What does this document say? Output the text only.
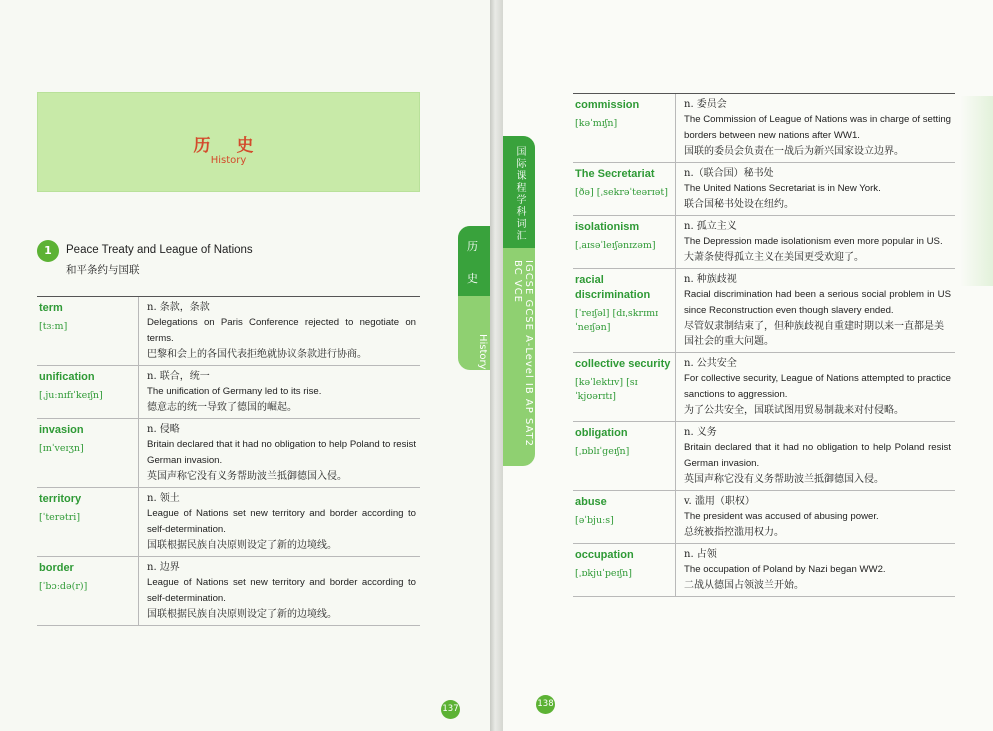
历 史
History
1	Peace Treaty and League of Nations
和平条约与国联
term
[tɜːm]
n. 条款，条款
Delegations on Paris Conference rejected to negotiate on terms.
巴黎和会上的各国代表拒绝就协议条款进行协商。
unification
[ˌjuːnɪfɪˈkeɪʃn]
n. 联合，统一
The unification of Germany led to its rise.
德意志的统一导致了德国的崛起。
invasion
[ɪnˈveɪʒn]
n. 侵略
Britain declared that it had no obligation to help Poland to resist German invasion.
英国声称它没有义务帮助波兰抵御德国入侵。
territory
[ˈterətri]
n. 领土
League of Nations set new territory and border according to self-determination.
国联根据民族自决原则设定了新的边境线。
border
[ˈbɔːdə(r)]
n. 边界
League of Nations set new territory and border according to self-determination.
国联根据民族自决原则设定了新的边境线。
历
史
History
137	138
国际课程学科词汇
IGCSE GCSE A-Level IB AP SAT2 BC VCE
commission
[kəˈmɪʃn]
n. 委员会
The Commission of League of Nations was in charge of setting borders between new nations after WW1.
国联的委员会负责在一战后为新兴国家设立边界。
The Secretariat
[ðə] [ˌsekrəˈteərɪət]
n.（联合国）秘书处
The United Nations Secretariat is in New York.
联合国秘书处设在纽约。
isolationism
[ˌaɪsəˈleɪʃənɪzəm]
n. 孤立主义
The Depression made isolationism even more popular in US.
大萧条使得孤立主义在美国更受欢迎了。
racial discrimination
[ˈreɪʃəl] [dɪˌskrɪmɪˈneɪʃən]
n. 种族歧视
Racial discrimination had been a serious social problem in US since Reconstruction even though slavery ended.
尽管奴隶制结束了，但种族歧视自重建时期以来一直都是美国社会的重大问题。
collective security
[kəˈlektɪv] [sɪˈkjʊərɪtɪ]
n. 公共安全
For collective security, League of Nations attempted to practice sanctions to aggression.
为了公共安全，国联试图用贸易制裁来对付侵略。
obligation
[ˌɒblɪˈgeɪʃn]
n. 义务
Britain declared that it had no obligation to help Poland resist German invasion.
英国声称它没有义务帮助波兰抵御德国入侵。
abuse
[əˈbjuːs]
v. 滥用（职权）
The president was accused of abusing power.
总统被指控滥用权力。
occupation
[ˌɒkjuˈpeɪʃn]
n. 占领
The occupation of Poland by Nazi began WW2.
二战从德国占领波兰开始。
